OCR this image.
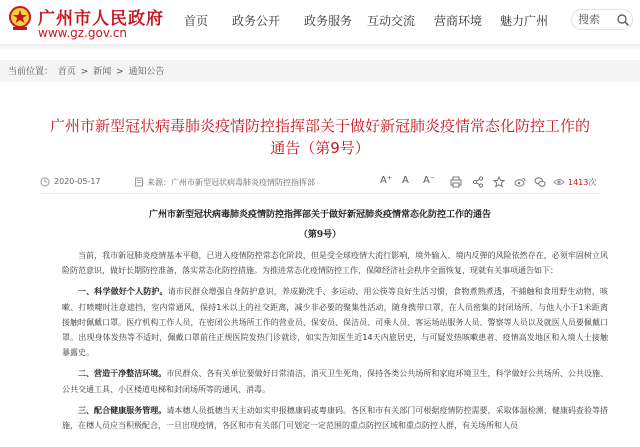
广州市人民政府
www.gz.gov.cn
首页 政务公开 政务服务 互动交流 营商环境 魅力广州
搜索
当前位置： 首页 > 新闻 > 通知公告
广州市新型冠状病毒肺炎疫情防控指挥部关于做好新冠肺炎疫情常态化防控工作的通告（第9号）
2020-05-17	来源：广州市新型冠状病毒肺炎疫情防控指挥部	A⁺ A A⁻	1413次
广州市新型冠状病毒肺炎疫情防控指挥部关于做好新冠肺炎疫情常态化防控工作的通告
（第9号）

当前，我市新冠肺炎疫情基本平稳，已进入疫情防控常态化阶段，但是受全球疫情大流行影响，境外输入、境内反弹的风险依然存在，必须牢固树立风险防范意识，做好长期防控准备，落实常态化防控措施。为推进常态化疫情防控工作，保障经济社会秩序全面恢复，现就有关事项通告如下：

一、科学做好个人防护。请市民群众增强自身防护意识，养成勤洗手、多运动、用公筷等良好生活习惯，食物煮熟煮透，不捕触和食用野生动物，咳嗽、打喷嚏时注意遮挡，室内常通风，保持1米以上的社交距离，减少非必要的聚集性活动，随身携带口罩，在人员密集的封闭场所、与他人小于1米距离接触时佩戴口罩。医疗机构工作人员，在密闭公共场所工作的营业员、保安员、保洁员、司乘人员、客运场站服务人员、警察等人员以及就医人员要佩戴口罩。出现身体发热等不适时，佩戴口罩前往正规医院发热门诊就诊，如实告知医生近14天内旅居史，与可疑发热咳嗽患者、疫情高发地区和入境人士接触暴露史。

二、营造干净整洁环境。市民群众、各有关单位要做好日常清洁，消灭卫生死角，保持各类公共场所和家庭环境卫生，科学做好公共场所、公共设施、公共交通工具、小区楼道电梯和封闭场所等的通风、消毒。

三、配合健康服务管理。请本穗人员抵穗当天主动如实申报穗康码或粤康码。各区和市有关部门可根据疫情防控需要，采取体温检测、健康码查验等措施，在穗人员应当积极配合，一旦出现疫情，各区和市有关部门可划定一定范围的重点防控区域和重点防控人群，有关场所和人员
